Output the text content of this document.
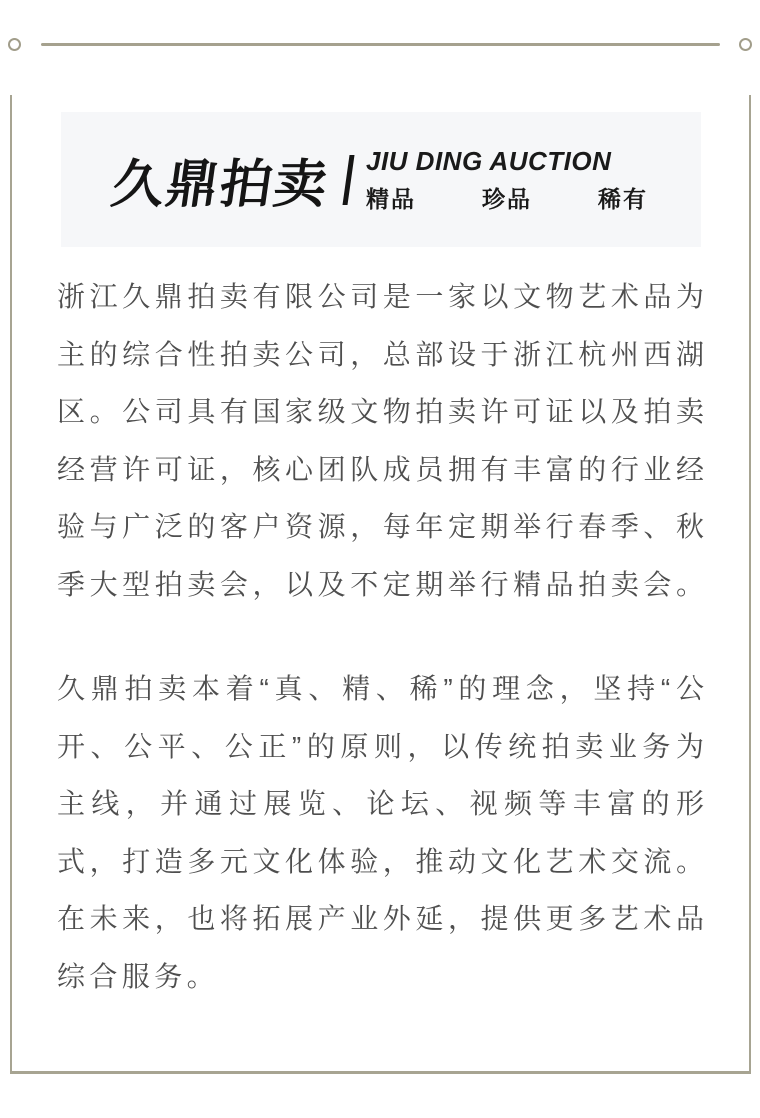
久鼎拍卖 JIU DING AUCTION
精品	珍品	稀有
浙江久鼎拍卖有限公司是一家以文物艺术品为
主的综合性拍卖公司，总部设于浙江杭州西湖
区。公司具有国家级文物拍卖许可证以及拍卖
经营许可证，核心团队成员拥有丰富的行业经
验与广泛的客户资源，每年定期举行春季、秋
季大型拍卖会，以及不定期举行精品拍卖会。
久鼎拍卖本着“真、精、稀”的理念，坚持“公
开、公平、公正”的原则，以传统拍卖业务为
主线，并通过展览、论坛、视频等丰富的形
式，打造多元文化体验，推动文化艺术交流。
在未来，也将拓展产业外延，提供更多艺术品
综合服务。
